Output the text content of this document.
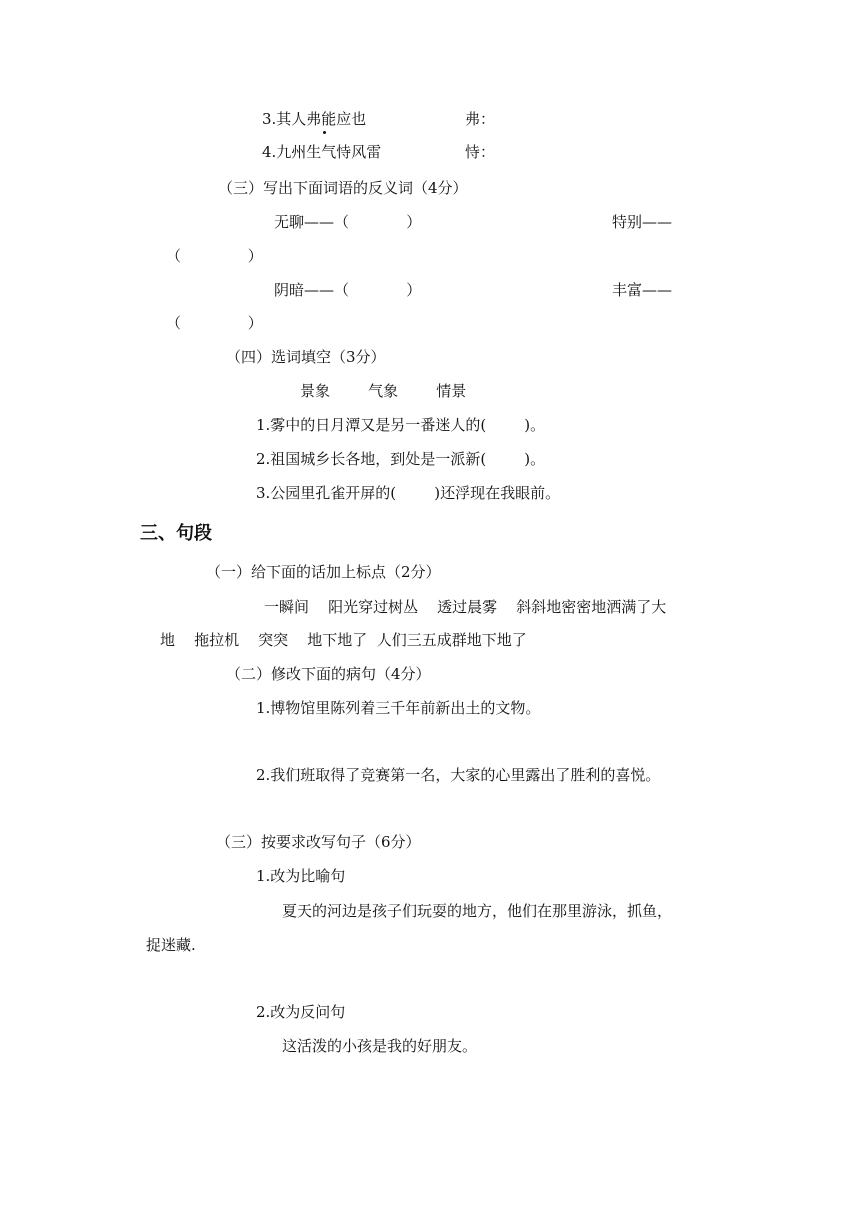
3.其人弗能应也	弗：
4.九州生气恃风雷	恃：
（三）写出下面词语的反义词（4分）
无聊——（            ）	特别——
（              ）
阴暗——（            ）	丰富——
（              ）
（四）选词填空（3分）
景象        气象        情景
1.雾中的日月潭又是另一番迷人的(        )。
2.祖国城乡长各地，到处是一派新(        )。
3.公园里孔雀开屏的(        )还浮现在我眼前。
三、句段
（一）给下面的话加上标点（2分）
一瞬间    阳光穿过树丛    透过晨雾    斜斜地密密地洒满了大
地    拖拉机    突突    地下地了  人们三五成群地下地了
（二）修改下面的病句（4分）
1.博物馆里陈列着三千年前新出土的文物。
2.我们班取得了竞赛第一名，大家的心里露出了胜利的喜悦。
（三）按要求改写句子（6分）
1.改为比喻句
夏天的河边是孩子们玩耍的地方，他们在那里游泳，抓鱼，
捉迷藏.
2.改为反问句
这活泼的小孩是我的好朋友。
